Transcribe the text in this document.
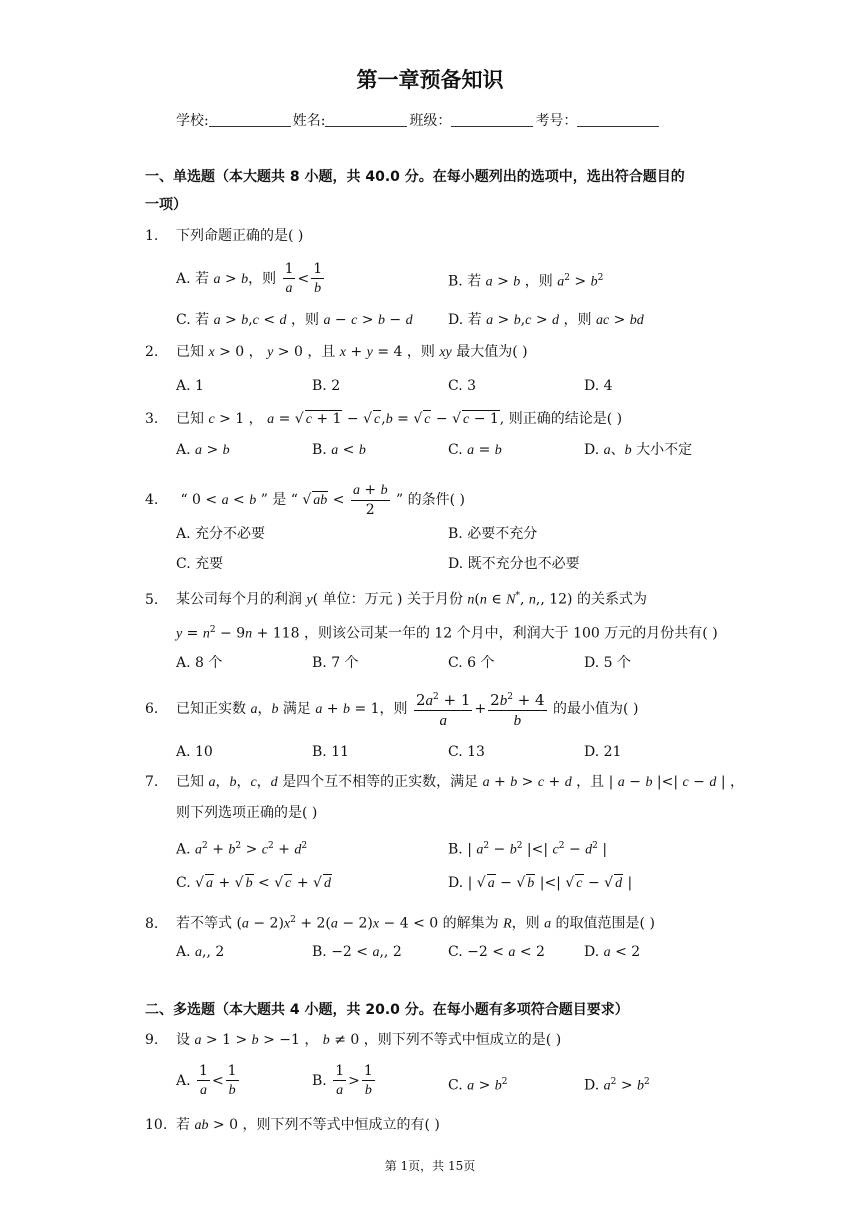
第一章预备知识
学校:	姓名:	班级：	考号：
一、单选题（本大题共 8 小题，共 40.0 分。在每小题列出的选项中，选出符合题目的
一项）
1. 下列命题正确的是( )
A. 若 a > b，则 $\frac{1}{a} < \frac{1}{b}$	B. 若 a > b ，则 $a^2 > b^2$
C. 若 a > b,c < d ，则 a − c > b − d	D. 若 a > b,c > d ，则 ac > bd
2. 已知 x > 0 ， y > 0 ，且 x + y = 4 ，则 xy 最大值为( )
A. 1	B. 2	C. 3	D. 4
3. 已知 c > 1 ， a = √ c + 1 − √ c,b = √ c − √ c − 1, 则正确的结论是( )
A. a > b	B. a < b	C. a = b	D. a、b 大小不定
4. “ 0 < a < b ” 是 “ √ ab < $\frac{a + b}{2}$ ” 的条件( )
A. 充分不必要	B. 必要不充分
C. 充要	D. 既不充分也不必要
5. 某公司每个月的利润 y( 单位：万元 ) 关于月份 n(n ∈ N*, n,, 12) 的关系式为
$y = n^2 - 9n + 118$ ，则该公司某一年的 12 个月中，利润大于 100 万元的月份共有( )
A. 8 个	B. 7 个	C. 6 个	D. 5 个
6. 已知正实数 a，b 满足 a + b = 1，则 $\frac{2a^2 + 1}{a} + \frac{2b^2 + 4}{b}$ 的最小值为( )
A. 10	B. 11	C. 13	D. 21
7. 已知 a，b，c，d 是四个互不相等的正实数，满足 a + b > c + d ，且 | a − b |<| c − d | ，
则下列选项正确的是( )
A. $a^2 + b^2 > c^2 + d^2$	B. | $a^2 - b^2$ |<| $c^2 - d^2$ |
C. √ a + √ b < √ c + √ d	D. | √ a − √ b |<| √ c − √ d |
8. 若不等式 $(a - 2)x^2 + 2(a - 2)x - 4 < 0$ 的解集为 R，则 a 的取值范围是( )
A. a,, 2	B. −2 < a,, 2	C. −2 < a < 2	D. a < 2
二、多选题（本大题共 4 小题，共 20.0 分。在每小题有多项符合题目要求）
9. 设 a > 1 > b > −1 ， b ≠ 0 ，则下列不等式中恒成立的是( )
A. $\frac{1}{a} < \frac{1}{b}$	B. $\frac{1}{a} > \frac{1}{b}$	C. $a > b^2$	D. $a^2 > b^2$
10. 若 ab > 0 ，则下列不等式中恒成立的有( )
第 1页，共 15页
